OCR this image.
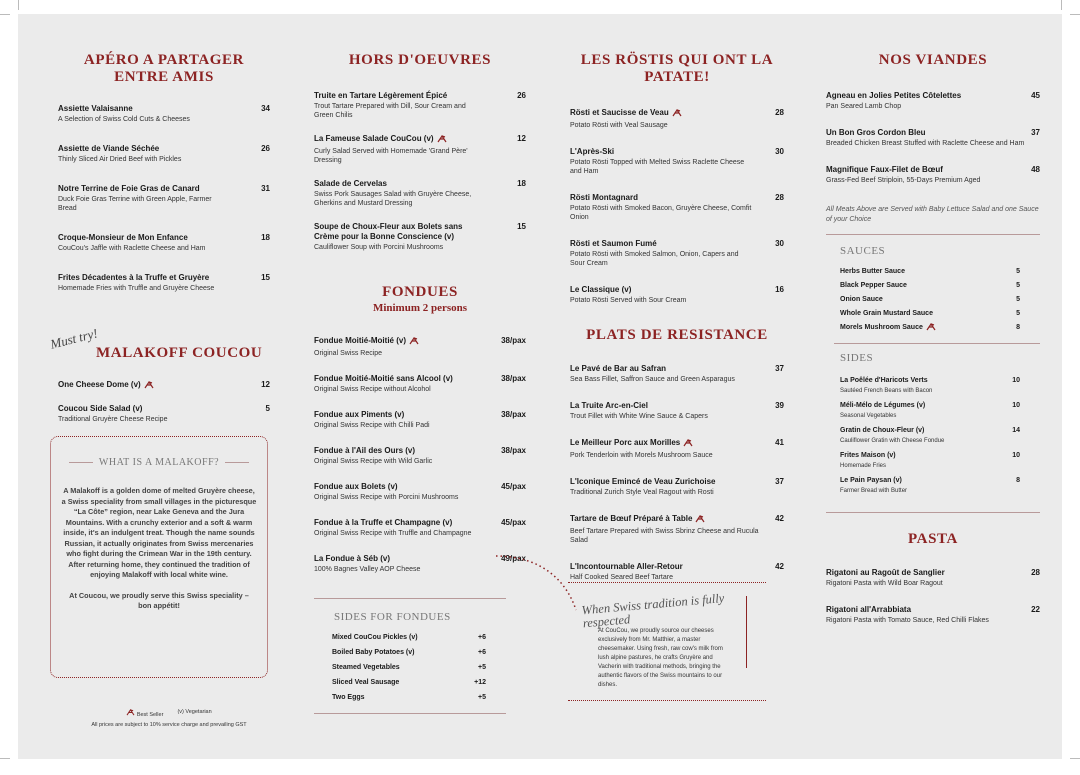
APÉRO A PARTAGER ENTRE AMIS
Assiette Valaisanne	34
A Selection of Swiss Cold Cuts & Cheeses
Assiette de Viande Séchée	26
Thinly Sliced Air Dried Beef with Pickles
Notre Terrine de Foie Gras de Canard	31
Duck Foie Gras Terrine with Green Apple, Farmer Bread
Croque-Monsieur de Mon Enfance	18
CouCou's Jaffle with Raclette Cheese and Ham
Frites Décadentes à la Truffe et Gruyère	15
Homemade Fries with Truffle and Gruyère Cheese
Must try!
MALAKOFF COUCOU
One Cheese Dome (v)	12
Coucou Side Salad (v)	5
Traditional Gruyère Cheese Recipe
WHAT IS A MALAKOFF?
A Malakoff is a golden dome of melted Gruyère cheese, a Swiss speciality from small villages in the picturesque “La Côte” region, near Lake Geneva and the Jura Mountains. With a crunchy exterior and a soft & warm inside, it's an indulgent treat. Though the name sounds Russian, it actually originates from Swiss mercenaries who fight during the Crimean War in the 19th century. After returning home, they continued the tradition of enjoying Malakoff with local white wine.
At Coucou, we proudly serve this Swiss speciality – bon appétit!
Best Seller	(v) Vegetarian
All prices are subject to 10% service charge and prevailing GST
HORS D'OEUVRES
Truite en Tartare Légèrement Épicé	26
Trout Tartare Prepared with Dill, Sour Cream and Green Chilis
La Fameuse Salade CouCou (v)	12
Curly Salad Served with Homemade 'Grand Père' Dressing
Salade de Cervelas	18
Swiss Pork Sausages Salad with Gruyère Cheese, Gherkins and Mustard Dressing
Soupe de Choux-Fleur aux Bolets sans Crème pour la Bonne Conscience (v)
15
Cauliflower Soup with Porcini Mushrooms
FONDUES
Minimum 2 persons
Fondue Moitié-Moitié (v)	38/pax
Original Swiss Recipe
Fondue Moitié-Moitié sans Alcool (v)	38/pax
Original Swiss Recipe without Alcohol
Fondue aux Piments (v)	38/pax
Original Swiss Recipe with Chilli Padi
Fondue à l'Ail des Ours (v)	38/pax
Original Swiss Recipe with Wild Garlic
Fondue aux Bolets (v)	45/pax
Original Swiss Recipe with Porcini Mushrooms
Fondue à la Truffe et Champagne (v)	45/pax
Original Swiss Recipe with Truffle and Champagne
La Fondue à Séb (v)	49/pax
100% Bagnes Valley AOP Cheese
SIDES FOR FONDUES
Mixed CouCou Pickles (v)	+6
Boiled Baby Potatoes (v)	+6
Steamed Vegetables	+5
Sliced Veal Sausage	+12
Two Eggs	+5
LES RÖSTIS QUI ONT LA PATATE!
Rösti et Saucisse de Veau	28
Potato Rösti with Veal Sausage
L'Après-Ski	30
Potato Rösti Topped with Melted Swiss Raclette Cheese and Ham
Rösti Montagnard	28
Potato Rösti with Smoked Bacon, Gruyère Cheese, Comfit Onion
Rösti et Saumon Fumé	30
Potato Rösti with Smoked Salmon, Onion, Capers and Sour Cream
Le Classique (v)	16
Potato Rösti Served with Sour Cream
PLATS DE RESISTANCE
Le Pavé de Bar au Safran	37
Sea Bass Fillet, Saffron Sauce and Green Asparagus
La Truite Arc-en-Ciel	39
Trout Fillet with White Wine Sauce & Capers
Le Meilleur Porc aux Morilles	41
Pork Tenderloin with Morels Mushroom Sauce
L'Iconique Emincé de Veau Zurichoise	37
Traditional Zurich Style Veal Ragout with Rosti
Tartare de Bœuf Préparé à Table	42
Beef Tartare Prepared with Swiss Sbrinz Cheese and Rucula Salad
L'Incontournable Aller-Retour	42
Half Cooked Seared Beef Tartare
When Swiss tradition is fully respected
At CouCou, we proudly source our cheeses exclusively from Mr. Matthier, a master cheesemaker. Using fresh, raw cow's milk from lush alpine pastures, he crafts Gruyère and Vacherin with traditional methods, bringing the authentic flavors of the Swiss mountains to our dishes.
NOS VIANDES
Agneau en Jolies Petites Côtelettes	45
Pan Seared Lamb Chop
Un Bon Gros Cordon Bleu	37
Breaded Chicken Breast Stuffed with Raclette Cheese and Ham
Magnifique Faux-Filet de Bœuf	48
Grass-Fed Beef Striploin, 55-Days Premium Aged
All Meats Above are Served with Baby Lettuce Salad and one Sauce of your Choice
SAUCES
Herbs Butter Sauce	5
Black Pepper Sauce	5
Onion Sauce	5
Whole Grain Mustard Sauce	5
Morels Mushroom Sauce	8
SIDES
La Poêlée d'Haricots Verts	10
Sautéed French Beans with Bacon
Méli-Mélo de Légumes (v)	10
Seasonal Vegetables
Gratin de Choux-Fleur (v)	14
Cauliflower Gratin with Cheese Fondue
Frites Maison (v)	10
Homemade Fries
Le Pain Paysan (v)	8
Farmer Bread with Butter
PASTA
Rigatoni au Ragoût de Sanglier	28
Rigatoni Pasta with Wild Boar Ragout
Rigatoni all'Arrabbiata	22
Rigatoni Pasta with Tomato Sauce, Red Chilli Flakes
